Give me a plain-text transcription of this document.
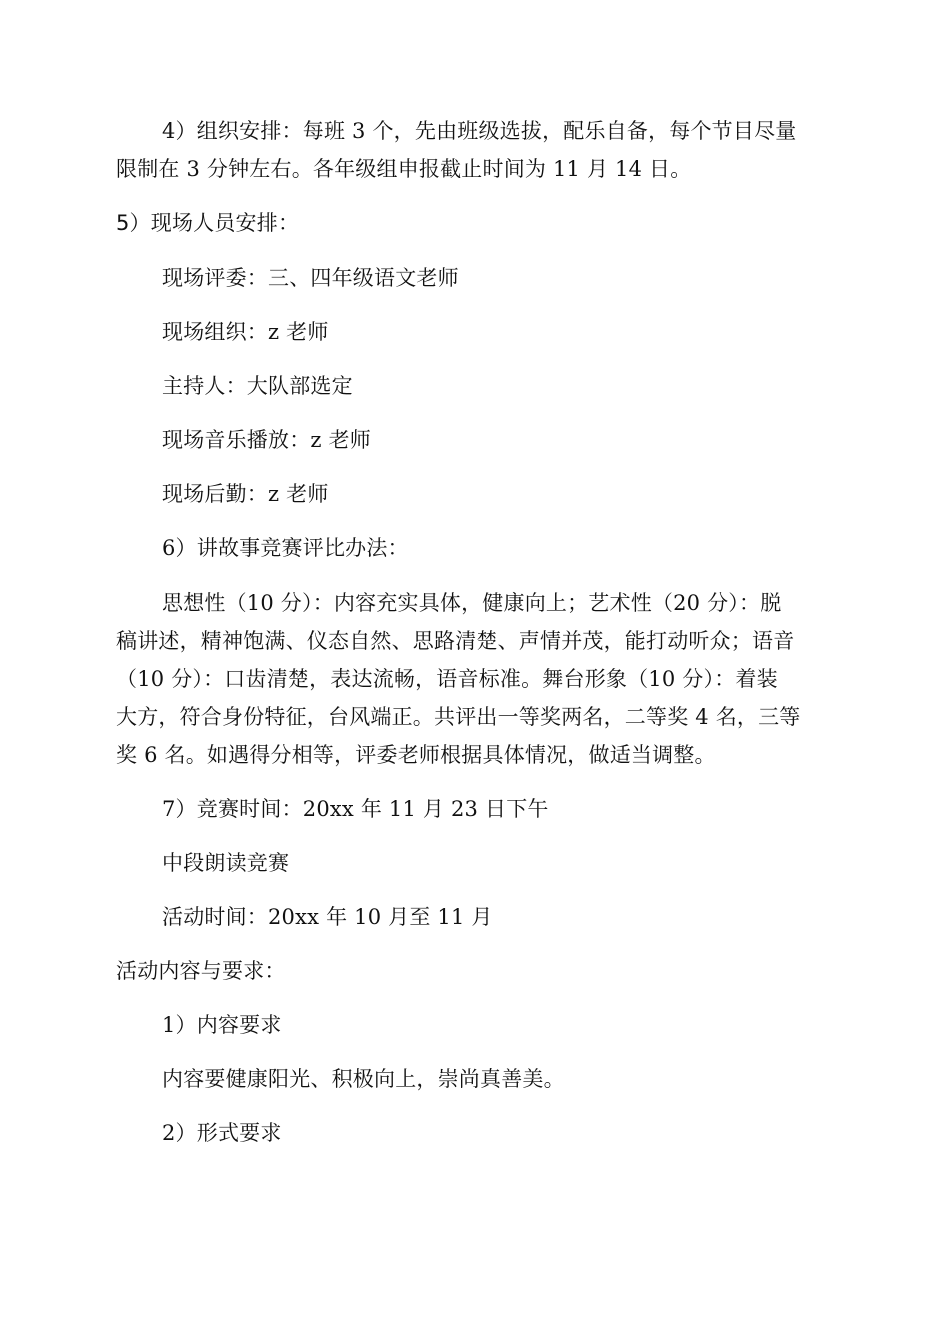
4）组织安排：每班 3 个，先由班级选拔，配乐自备，每个节目尽量
限制在 3 分钟左右。各年级组申报截止时间为 11 月 14 日。
5）现场人员安排：
现场评委：三、四年级语文老师
现场组织：z 老师
主持人：大队部选定
现场音乐播放：z 老师
现场后勤：z 老师
6）讲故事竞赛评比办法：
思想性（10 分）：内容充实具体，健康向上；艺术性（20 分）：脱
稿讲述，精神饱满、仪态自然、思路清楚、声情并茂，能打动听众；语音
（10 分）：口齿清楚，表达流畅，语音标准。舞台形象（10 分）：着装
大方，符合身份特征，台风端正。共评出一等奖两名，二等奖 4 名，三等
奖 6 名。如遇得分相等，评委老师根据具体情况，做适当调整。
7）竞赛时间：20xx 年 11 月 23 日下午
中段朗读竞赛
活动时间：20xx 年 10 月至 11 月
活动内容与要求：
1）内容要求
内容要健康阳光、积极向上，崇尚真善美。
2）形式要求
